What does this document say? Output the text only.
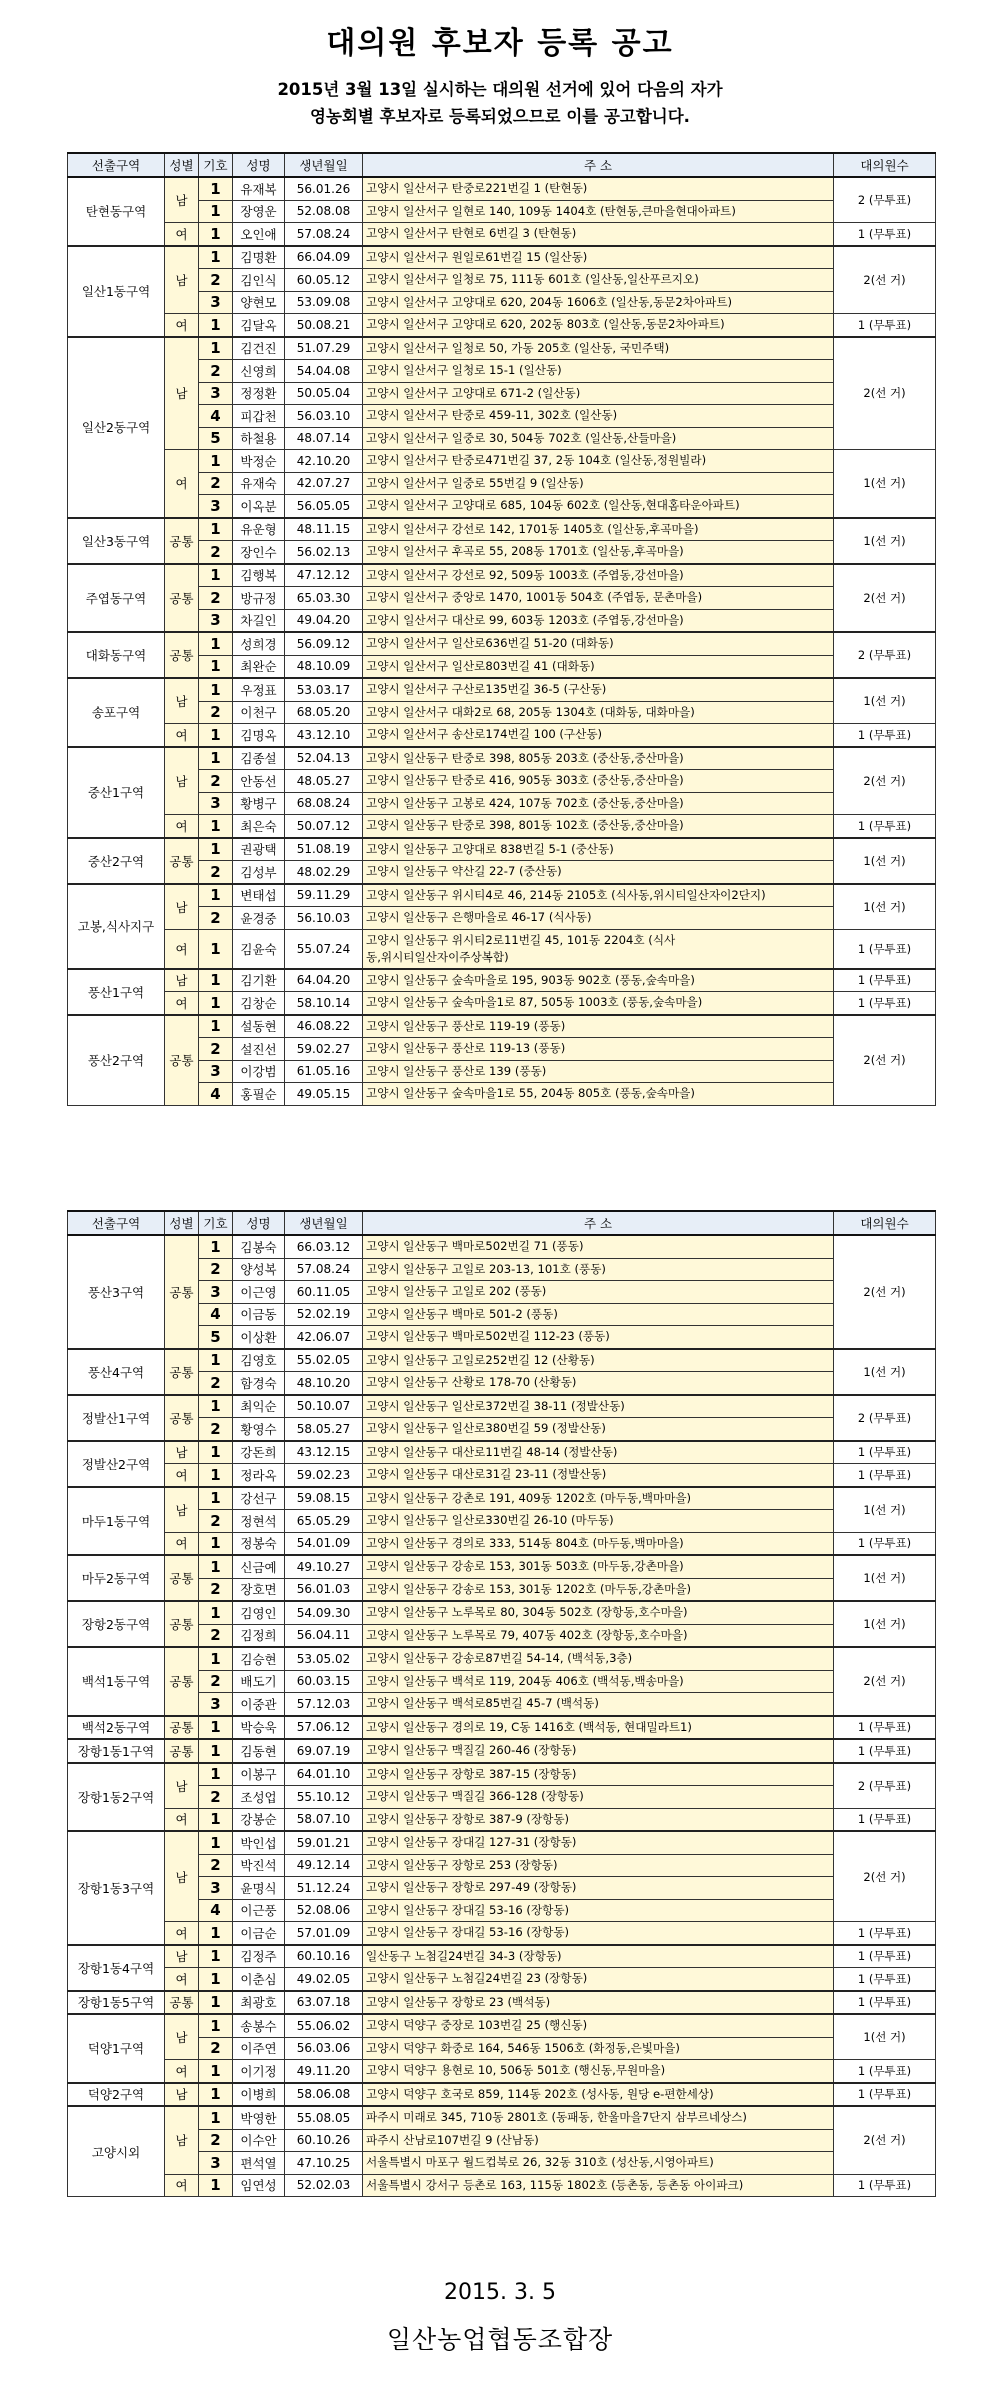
대의원 후보자 등록 공고
2015년 3월 13일 실시하는 대의원 선거에 있어 다음의 자가
영농회별 후보자로 등록되었으므로 이를 공고합니다.
선출구역	성별	기호	성명	생년월일	주 소	대의원수
탄현동구역	남	1	유재복	56.01.26	고양시 일산서구 탄중로221번길 1 (탄현동)	2 (무투표)
		1	장영운	52.08.08	고양시 일산서구 일현로 140, 109동 1404호 (탄현동,큰마을현대아파트)	
	여	1	오인애	57.08.24	고양시 일산서구 탄현로 6번길 3 (탄현동)	1 (무투표)
일산1동구역	남	1	김명환	66.04.09	고양시 일산서구 원일로61번길 15 (일산동)	2(선 거)
		2	김인식	60.05.12	고양시 일산서구 일청로 75, 111동 601호 (일산동,일산푸르지오)	
		3	양현모	53.09.08	고양시 일산서구 고양대로 620, 204동 1606호 (일산동,동문2차아파트)	
	여	1	김달옥	50.08.21	고양시 일산서구 고양대로 620, 202동 803호 (일산동,동문2차아파트)	1 (무투표)
일산2동구역	남	1	김건진	51.07.29	고양시 일산서구 일청로 50, 가동 205호 (일산동, 국민주택)	2(선 거)
		2	신영희	54.04.08	고양시 일산서구 일청로 15-1 (일산동)	
		3	정정환	50.05.04	고양시 일산서구 고양대로 671-2 (일산동)	
		4	피갑천	56.03.10	고양시 일산서구 탄중로 459-11, 302호 (일산동)	
		5	하철용	48.07.14	고양시 일산서구 일중로 30, 504동 702호 (일산동,산들마을)	
	여	1	박정순	42.10.20	고양시 일산서구 탄중로471번길 37, 2동 104호 (일산동,정원빌라)	1(선 거)
		2	유재숙	42.07.27	고양시 일산서구 일중로 55번길 9 (일산동)	
		3	이옥분	56.05.05	고양시 일산서구 고양대로 685, 104동 602호 (일산동,현대홈타운아파트)	
일산3동구역	공통	1	유운형	48.11.15	고양시 일산서구 강선로 142, 1701동 1405호 (일산동,후곡마을)	1(선 거)
		2	장인수	56.02.13	고양시 일산서구 후곡로 55, 208동 1701호 (일산동,후곡마을)	
주엽동구역	공통	1	김행복	47.12.12	고양시 일산서구 강선로 92, 509동 1003호 (주엽동,강선마을)	2(선 거)
		2	방규정	65.03.30	고양시 일산서구 중앙로 1470, 1001동 504호 (주엽동, 문촌마을)	
		3	차길인	49.04.20	고양시 일산서구 대산로 99, 603동 1203호 (주엽동,강선마을)	
대화동구역	공통	1	성희경	56.09.12	고양시 일산서구 일산로636번길 51-20 (대화동)	2 (무투표)
		1	최완순	48.10.09	고양시 일산서구 일산로803번길 41 (대화동)	
송포구역	남	1	우정표	53.03.17	고양시 일산서구 구산로135번길 36-5 (구산동)	1(선 거)
		2	이천구	68.05.20	고양시 일산서구 대화2로 68, 205동 1304호 (대화동, 대화마을)	
	여	1	김명옥	43.12.10	고양시 일산서구 송산로174번길 100 (구산동)	1 (무투표)
중산1구역	남	1	김종설	52.04.13	고양시 일산동구 탄중로 398, 805동 203호 (중산동,중산마을)	2(선 거)
		2	안동선	48.05.27	고양시 일산동구 탄중로 416, 905동 303호 (중산동,중산마을)	
		3	황병구	68.08.24	고양시 일산동구 고봉로 424, 107동 702호 (중산동,중산마을)	
	여	1	최은숙	50.07.12	고양시 일산동구 탄중로 398, 801동 102호 (중산동,중산마을)	1 (무투표)
중산2구역	공통	1	권광택	51.08.19	고양시 일산동구 고양대로 838번길 5-1 (중산동)	1(선 거)
		2	김성부	48.02.29	고양시 일산동구 약산길 22-7 (중산동)	
고봉,식사지구	남	1	변태섭	59.11.29	고양시 일산동구 위시티4로 46, 214동 2105호 (식사동,위시티일산자이2단지)	1(선 거)
		2	윤경중	56.10.03	고양시 일산동구 은행마을로 46-17 (식사동)	
	여	1	김윤숙	55.07.24	고양시 일산동구 위시티2로11번길 45, 101동 2204호 (식사동,위시티일산자이주상복합)	1 (무투표)
풍산1구역	남	1	김기환	64.04.20	고양시 일산동구 숲속마을로 195, 903동 902호 (풍동,숲속마을)	1 (무투표)
	여	1	김창순	58.10.14	고양시 일산동구 숲속마을1로 87, 505동 1003호 (풍동,숲속마을)	1 (무투표)
풍산2구역	공통	1	설동현	46.08.22	고양시 일산동구 풍산로 119-19 (풍동)	2(선 거)
		2	설진선	59.02.27	고양시 일산동구 풍산로 119-13 (풍동)	
		3	이강범	61.05.16	고양시 일산동구 풍산로 139 (풍동)	
		4	홍필순	49.05.15	고양시 일산동구 숲속마을1로 55, 204동 805호 (풍동,숲속마을)	
선출구역	성별	기호	성명	생년월일	주 소	대의원수
풍산3구역	공통	1	김봉숙	66.03.12	고양시 일산동구 백마로502번길 71 (풍동)	2(선 거)
		2	양성복	57.08.24	고양시 일산동구 고일로 203-13, 101호 (풍동)	
		3	이근영	60.11.05	고양시 일산동구 고일로 202 (풍동)	
		4	이금동	52.02.19	고양시 일산동구 백마로 501-2 (풍동)	
		5	이상환	42.06.07	고양시 일산동구 백마로502번길 112-23 (풍동)	
풍산4구역	공통	1	김영호	55.02.05	고양시 일산동구 고일로252번길 12 (산황동)	1(선 거)
		2	함경숙	48.10.20	고양시 일산동구 산황로 178-70 (산황동)	
정발산1구역	공통	1	최익순	50.10.07	고양시 일산동구 일산로372번길 38-11 (정발산동)	2 (무투표)
		2	황영수	58.05.27	고양시 일산동구 일산로380번길 59 (정발산동)	
정발산2구역	남	1	강돈희	43.12.15	고양시 일산동구 대산로11번길 48-14 (정발산동)	1 (무투표)
	여	1	정라옥	59.02.23	고양시 일산동구 대산로31길 23-11 (정발산동)	1 (무투표)
마두1동구역	남	1	강선구	59.08.15	고양시 일산동구 강촌로 191, 409동 1202호 (마두동,백마마을)	1(선 거)
		2	정현석	65.05.29	고양시 일산동구 일산로330번길 26-10 (마두동)	
	여	1	정봉숙	54.01.09	고양시 일산동구 경의로 333, 514동 804호 (마두동,백마마을)	1 (무투표)
마두2동구역	공통	1	신금예	49.10.27	고양시 일산동구 강송로 153, 301동 503호 (마두동,강촌마을)	1(선 거)
		2	장호면	56.01.03	고양시 일산동구 강송로 153, 301동 1202호 (마두동,강촌마을)	
장항2동구역	공통	1	김영인	54.09.30	고양시 일산동구 노루목로 80, 304동 502호 (장항동,호수마을)	1(선 거)
		2	김정희	56.04.11	고양시 일산동구 노루목로 79, 407동 402호 (장항동,호수마을)	
백석1동구역	공통	1	김승현	53.05.02	고양시 일산동구 강송로87번길 54-14, (백석동,3층)	2(선 거)
		2	배도기	60.03.15	고양시 일산동구 백석로 119, 204동 406호 (백석동,백송마을)	
		3	이중관	57.12.03	고양시 일산동구 백석로85번길 45-7 (백석동)	
백석2동구역	공통	1	박승욱	57.06.12	고양시 일산동구 경의로 19, C동 1416호 (백석동, 현대밀라트1)	1 (무투표)
장항1동1구역	공통	1	김동현	69.07.19	고양시 일산동구 맥질길 260-46 (장항동)	1 (무투표)
장항1동2구역	남	1	이봉구	64.01.10	고양시 일산동구 장항로 387-15 (장항동)	2 (무투표)
		2	조성업	55.10.12	고양시 일산동구 맥질길 366-128 (장항동)	
	여	1	강봉순	58.07.10	고양시 일산동구 장항로 387-9 (장항동)	1 (무투표)
장항1동3구역	남	1	박인섭	59.01.21	고양시 일산동구 장대길 127-31 (장항동)	2(선 거)
		2	박진석	49.12.14	고양시 일산동구 장항로 253 (장항동)	
		3	윤명식	51.12.24	고양시 일산동구 장항로 297-49 (장항동)	
		4	이근풍	52.08.06	고양시 일산동구 장대길 53-16 (장항동)	
	여	1	이금순	57.01.09	고양시 일산동구 장대길 53-16 (장항동)	1 (무투표)
장항1동4구역	남	1	김정주	60.10.16	일산동구 노첨길24번길 34-3 (장항동)	1 (무투표)
	여	1	이춘심	49.02.05	고양시 일산동구 노첨길24번길 23 (장항동)	1 (무투표)
장항1동5구역	공통	1	최광호	63.07.18	고양시 일산동구 장항로 23 (백석동)	1 (무투표)
덕양1구역	남	1	송봉수	55.06.02	고양시 덕양구 중장로 103번길 25 (행신동)	1(선 거)
		2	이주연	56.03.06	고양시 덕양구 화중로 164, 546동 1506호 (화정동,은빛마을)	
	여	1	이기정	49.11.20	고양시 덕양구 용현로 10, 506동 501호 (행신동,무원마을)	1 (무투표)
덕양2구역	남	1	이병희	58.06.08	고양시 덕양구 호국로 859, 114동 202호 (성사동, 원당 e-편한세상)	1 (무투표)
고양시외	남	1	박영한	55.08.05	파주시 미래로 345, 710동 2801호 (동패동, 한울마을7단지 삼부르네상스)	2(선 거)
		2	이수안	60.10.26	파주시 산남로107번길 9 (산남동)	
		3	편석열	47.10.25	서울특별시 마포구 월드컵북로 26, 32동 310호 (성산동,시영아파트)	
	여	1	임연성	52.02.03	서울특별시 강서구 등촌로 163, 115동 1802호 (등촌동, 등촌동 아이파크)	1 (무투표)
2015. 3. 5
일산농업협동조합장
